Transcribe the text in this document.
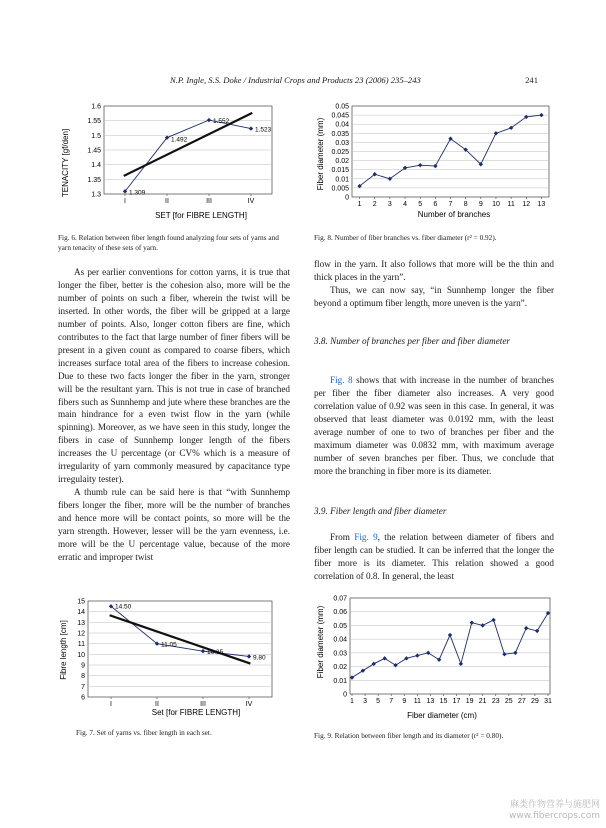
N.P. Ingle, S.S. Doke / Industrial Crops and Products 23 (2006) 235–243	241
TENACITY [gf/den]
SET [for FIBRE LENGTH]
1.6
1.55
1.5
1.45
1.4
1.35
1.3
I	II	III	IV
1.309
1.492
1.552
1.523
Fig. 6. Relation between fiber length found analyzing four sets of yarns and yarn tenacity of these sets of yarn.
Fiber diameter (mm)
Number of branches
0.05
0.045
0.04
0.035
0.03
0.025
0.02
0.015
0.01
0.005
0
1 2 3 4 5 6 7 8 9 10 11 12 13
Fig. 8. Number of fiber branches vs. fiber diameter (r² = 0.92).

As per earlier conventions for cotton yarns, it is true that longer the fiber, better is the cohesion also, more will be the number of points on such a fiber, wherein the twist will be inserted. In other words, the fiber will be gripped at a large number of points. Also, longer cotton fibers are fine, which contributes to the fact that large number of finer fibers will be present in a given count as compared to coarse fibers, which increases surface total area of the fibers to increase cohesion. Due to these two facts longer the fiber in the yarn, stronger will be the resultant yarn. This is not true in case of branched fibers such as Sunnhemp and jute where these branches are the main hindrance for a even twist flow in the yarn (while spinning). Moreover, as we have seen in this study, longer the fibers in case of Sunnhemp longer length of the fibers increases the U percentage (or CV% which is a measure of irregularity of yarn commonly measured by capacitance type irregulaity tester).

A thumb rule can be said here is that “with Sunnhemp fibers longer the fiber, more will be the number of branches and hence more will be contact points, so more will be the yarn strength. However, lesser will be the yarn evenness, i.e. more will be the U percentage value, because of the more erratic and improper twist

flow in the yarn. It also follows that more will be the thin and thick places in the yarn”.

Thus, we can now say, “in Sunnhemp longer the fiber beyond a optimum fiber length, more uneven is the yarn”.

3.8. Number of branches per fiber and fiber diameter

Fig. 8 shows that with increase in the number of branches per fiber the fiber diameter also increases. A very good correlation value of 0.92 was seen in this case. In general, it was observed that least diameter was 0.0192 mm, with the least average number of one to two of branches per fiber and the maximum diameter was 0.0832 mm, with maximum average number of seven branches per fiber. Thus, we conclude that more the branching in fiber more is its diameter.

3.9. Fiber length and fiber diameter

From Fig. 9, the relation between diameter of fibers and fiber length can be studied. It can be inferred that the longer the fiber more is its diameter. This relation showed a good correlation of 0.8. In general, the least

Fibre length [cm]
Set [for FIBRE LENGTH]
15
14
13
12
11
10
9
8
7
6
I	II	III	IV
14.50
11.05
10.35
9.80
Fig. 7. Set of yarns vs. fiber length in each set.
Fiber diameter (mm)
Fiber diameter (cm)
0.07
0.06
0.05
0.04
0.03
0.02
0.01
0
1 3 5 7 9 11 13 15 17 19 21 23 25 27 29 31
Fig. 9. Relation between fiber length and its diameter (r² = 0.80).
麻类作物营养与施肥网
www.fibercrops.com
